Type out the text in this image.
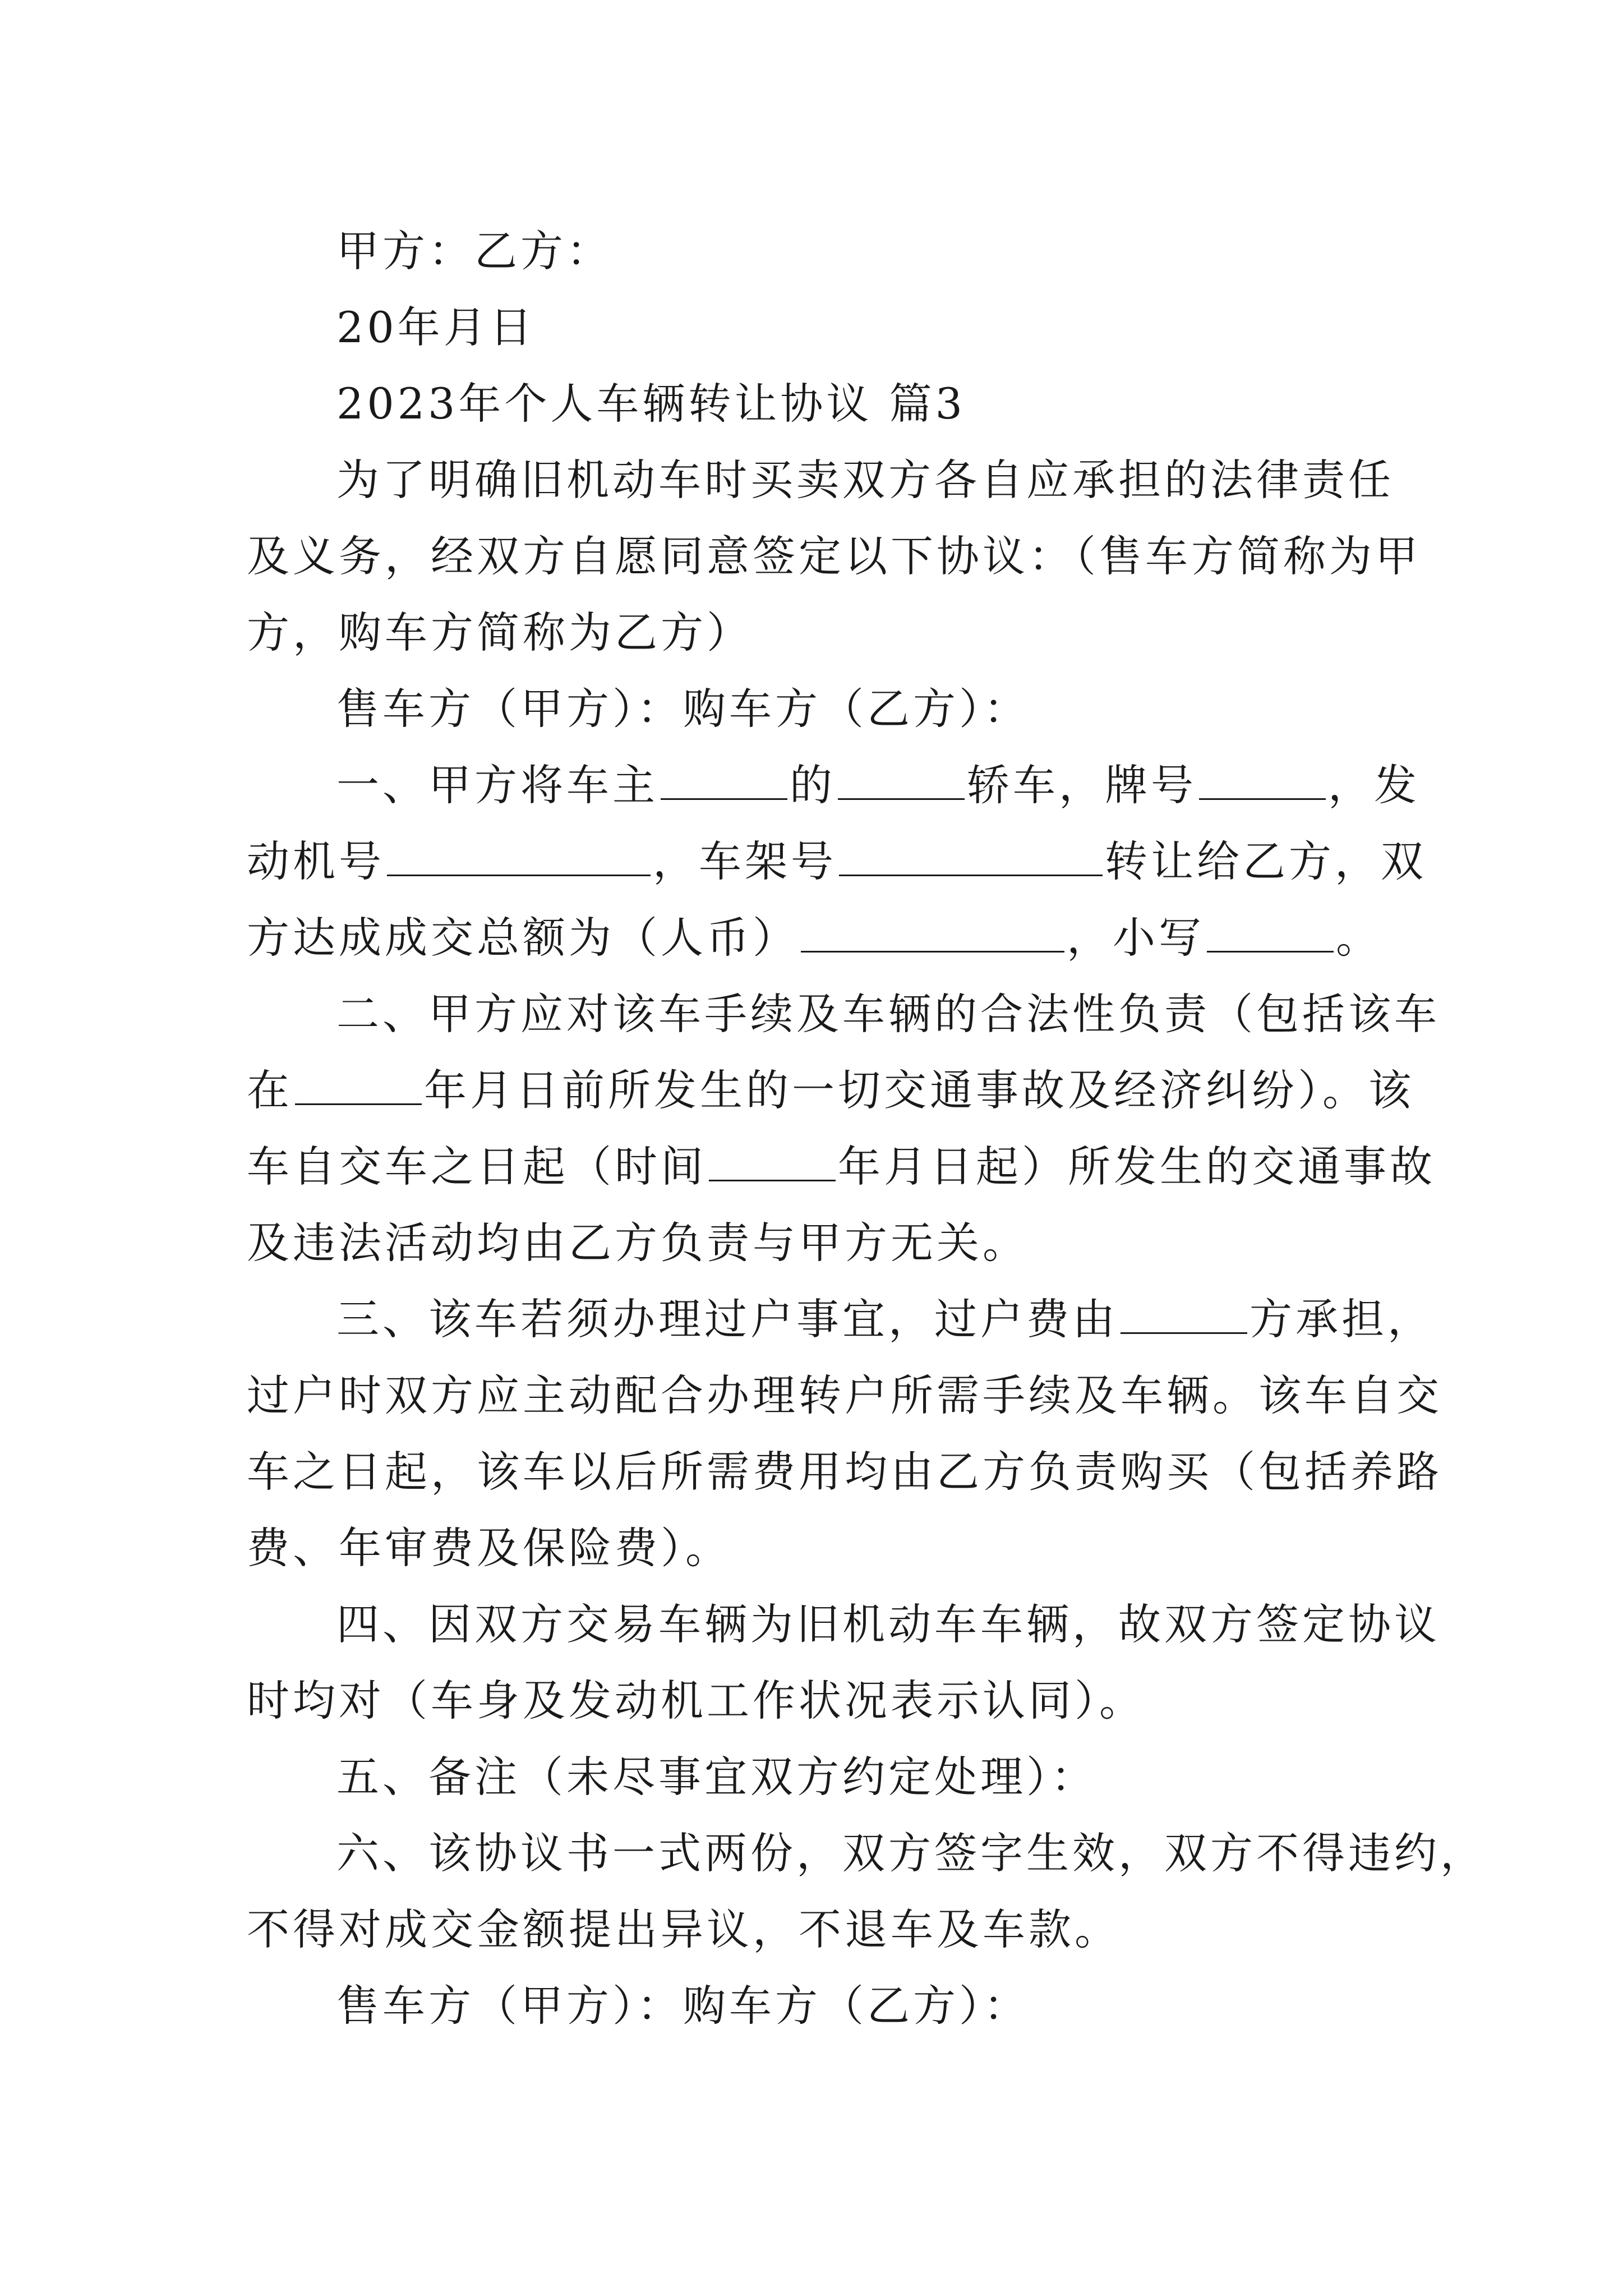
甲方：乙方：
20年月日
2023年个人车辆转让协议 篇3
为了明确旧机动车时买卖双方各自应承担的法律责任
及义务，经双方自愿同意签定以下协议：（售车方简称为甲
方，购车方简称为乙方）
售车方（甲方）：购车方（乙方）：
一、甲方将车主	的	轿车，牌号	，发
动机号	，车架号	转让给乙方，双
方达成成交总额为（人币）	，小写	。
二、甲方应对该车手续及车辆的合法性负责（包括该车
在	年月日前所发生的一切交通事故及经济纠纷）。该
车自交车之日起（时间	年月日起）所发生的交通事故
及违法活动均由乙方负责与甲方无关。
三、该车若须办理过户事宜，过户费由	方承担，
过户时双方应主动配合办理转户所需手续及车辆。该车自交
车之日起，该车以后所需费用均由乙方负责购买（包括养路
费、年审费及保险费）。
四、因双方交易车辆为旧机动车车辆，故双方签定协议
时均对（车身及发动机工作状况表示认同）。
五、备注（未尽事宜双方约定处理）：
六、该协议书一式两份，双方签字生效，双方不得违约，
不得对成交金额提出异议，不退车及车款。
售车方（甲方）：购车方（乙方）：
